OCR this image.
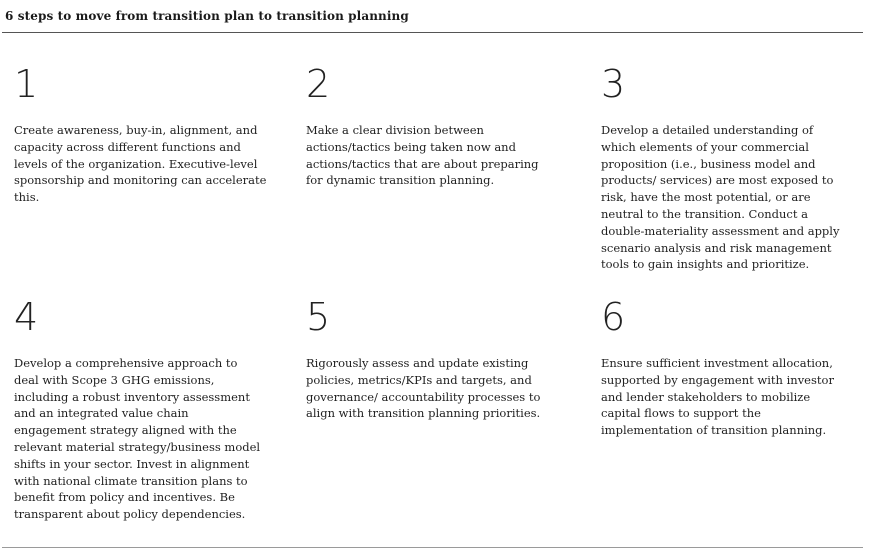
6 steps to move from transition plan to transition planning
1
Create awareness, buy-in, alignment, and capacity across different functions and levels of the organization. Executive-level sponsorship and monitoring can accelerate this.
2
Make a clear division between actions/tactics being taken now and actions/tactics that are about preparing for dynamic transition planning.
3
Develop a detailed understanding of which elements of your commercial proposition (i.e., business model and products/ services) are most exposed to risk, have the most potential, or are neutral to the transition. Conduct a double-materiality assessment and apply scenario analysis and risk management tools to gain insights and prioritize.
4
Develop a comprehensive approach to deal with Scope 3 GHG emissions, including a robust inventory assessment and an integrated value chain engagement strategy aligned with the relevant material strategy/business model shifts in your sector. Invest in alignment with national climate transition plans to benefit from policy and incentives. Be transparent about policy dependencies.
5
Rigorously assess and update existing policies, metrics/KPIs and targets, and governance/ accountability processes to align with transition planning priorities.
6
Ensure sufficient investment allocation, supported by engagement with investor and lender stakeholders to mobilize capital flows to support the implementation of transition planning.
